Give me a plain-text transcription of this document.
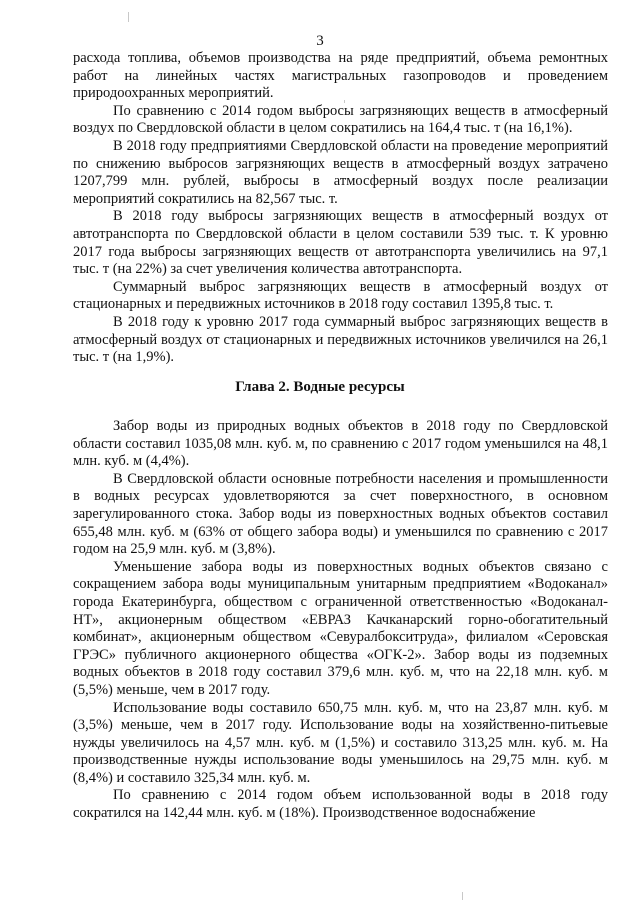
3

расхода топлива, объемов производства на ряде предприятий, объема ремонтных работ на линейных частях магистральных газопроводов и проведением природоохранных мероприятий.

По сравнению с 2014 годом выбросы загрязняющих веществ в атмосферный воздух по Свердловской области в целом сократились на 164,4 тыс. т (на 16,1%).

В 2018 году предприятиями Свердловской области на проведение мероприятий по снижению выбросов загрязняющих веществ в атмосферный воздух затрачено 1207,799 млн. рублей, выбросы в атмосферный воздух после реализации мероприятий сократились на 82,567 тыс. т.

В 2018 году выбросы загрязняющих веществ в атмосферный воздух от автотранспорта по Свердловской области в целом составили 539 тыс. т. К уровню 2017 года выбросы загрязняющих веществ от автотранспорта увеличились на 97,1 тыс. т (на 22%) за счет увеличения количества автотранспорта.

Суммарный выброс загрязняющих веществ в атмосферный воздух от стационарных и передвижных источников в 2018 году составил 1395,8 тыс. т.

В 2018 году к уровню 2017 года суммарный выброс загрязняющих веществ в атмосферный воздух от стационарных и передвижных источников увеличился на 26,1 тыс. т (на 1,9%).

Глава 2. Водные ресурсы

Забор воды из природных водных объектов в 2018 году по Свердловской области составил 1035,08 млн. куб. м, по сравнению с 2017 годом уменьшился на 48,1 млн. куб. м (4,4%).

В Свердловской области основные потребности населения и промышленности в водных ресурсах удовлетворяются за счет поверхностного, в основном зарегулированного стока. Забор воды из поверхностных водных объектов составил 655,48 млн. куб. м (63% от общего забора воды) и уменьшился по сравнению с 2017 годом на 25,9 млн. куб. м (3,8%).

Уменьшение забора воды из поверхностных водных объектов связано с сокращением забора воды муниципальным унитарным предприятием «Водоканал» города Екатеринбурга, обществом с ограниченной ответственностью «Водоканал-НТ», акционерным обществом «ЕВРАЗ Качканарский горно-обогатительный комбинат», акционерным обществом «Севуралбокситруда», филиалом «Серовская ГРЭС» публичного акционерного общества «ОГК-2». Забор воды из подземных водных объектов в 2018 году составил 379,6 млн. куб. м, что на 22,18 млн. куб. м (5,5%) меньше, чем в 2017 году.

Использование воды составило 650,75 млн. куб. м, что на 23,87 млн. куб. м (3,5%) меньше, чем в 2017 году. Использование воды на хозяйственно-питьевые нужды увеличилось на 4,57 млн. куб. м (1,5%) и составило 313,25 млн. куб. м. На производственные нужды использование воды уменьшилось на 29,75 млн. куб. м (8,4%) и составило 325,34 млн. куб. м.

По сравнению с 2014 годом объем использованной воды в 2018 году сократился на 142,44 млн. куб. м (18%). Производственное водоснабжение
